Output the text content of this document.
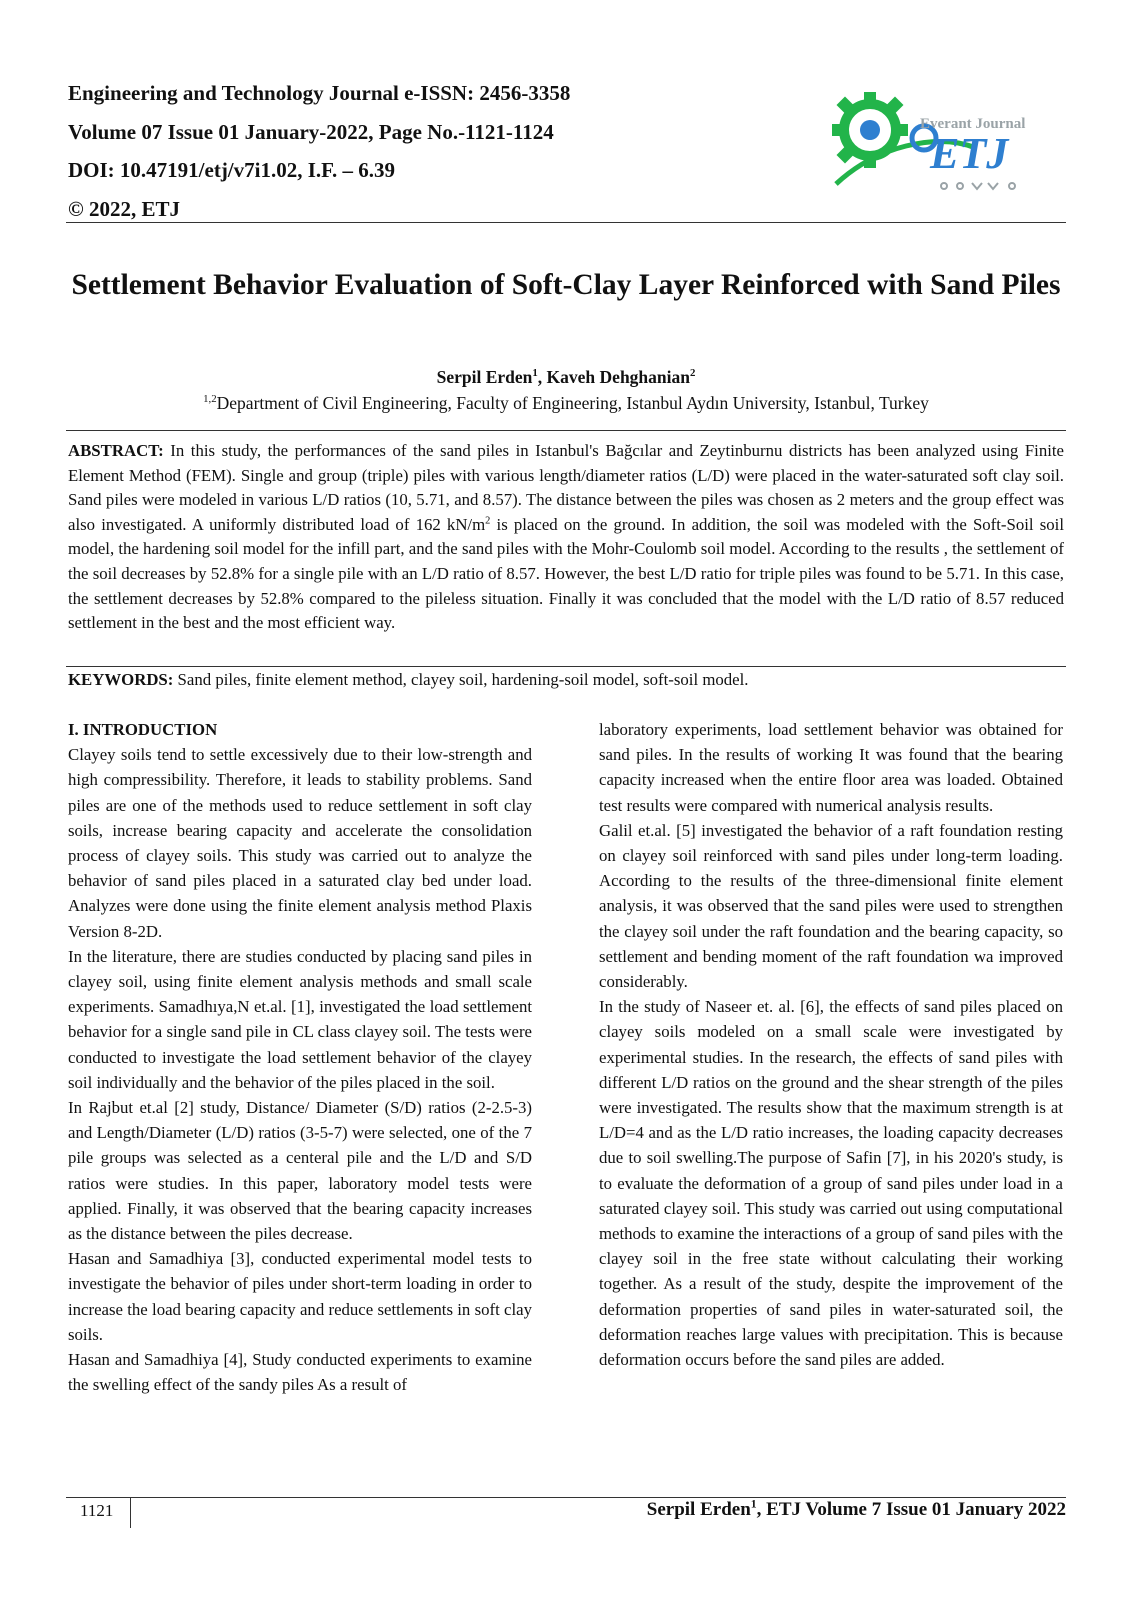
Engineering and Technology Journal e-ISSN: 2456-3358

Volume 07 Issue 01 January-2022, Page No.-1121-1124

DOI: 10.47191/etj/v7i1.02, I.F. – 6.39

© 2022, ETJ

Everant Journal
ETJ
Settlement Behavior Evaluation of Soft-Clay Layer Reinforced with Sand Piles

Serpil Erden$^1$, Kaveh Dehghanian$^2$

$^{1,2}$Department of Civil Engineering, Faculty of Engineering, Istanbul Aydın University, Istanbul, Turkey

ABSTRACT: In this study, the performances of the sand piles in Istanbul's Bağcılar and Zeytinburnu districts has been analyzed using Finite Element Method (FEM). Single and group (triple) piles with various length/diameter ratios (L/D) were placed in the water-saturated soft clay soil. Sand piles were modeled in various L/D ratios (10, 5.71, and 8.57). The distance between the piles was chosen as 2 meters and the group effect was also investigated. A uniformly distributed load of 162 $kN/m^2$ is placed on the ground. In addition, the soil was modeled with the Soft-Soil soil model, the hardening soil model for the infill part, and the sand piles with the Mohr-Coulomb soil model. According to the results , the settlement of the soil decreases by 52.8% for a single pile with an L/D ratio of 8.57. However, the best L/D ratio for triple piles was found to be 5.71. In this case, the settlement decreases by 52.8% compared to the pileless situation. Finally it was concluded that the model with the L/D ratio of 8.57 reduced settlement in the best and the most efficient way.

KEYWORDS: Sand piles, finite element method, clayey soil, hardening-soil model, soft-soil model.

I. INTRODUCTION

Clayey soils tend to settle excessively due to their low-strength and high compressibility. Therefore, it leads to stability problems. Sand piles are one of the methods used to reduce settlement in soft clay soils, increase bearing capacity and accelerate the consolidation process of clayey soils. This study was carried out to analyze the behavior of sand piles placed in a saturated clay bed under load. Analyzes were done using the finite element analysis method Plaxis Version 8-2D.

In the literature, there are studies conducted by placing sand piles in clayey soil, using finite element analysis methods and small scale experiments. Samadhıya,N et.al. [1], investigated the load settlement behavior for a single sand pile in CL class clayey soil. The tests were conducted to investigate the load settlement behavior of the clayey soil individually and the behavior of the piles placed in the soil.

In Rajbut et.al [2] study, Distance/ Diameter (S/D) ratios (2-2.5-3) and Length/Diameter (L/D) ratios (3-5-7) were selected, one of the 7 pile groups was selected as a centeral pile and the L/D and S/D ratios were studies. In this paper, laboratory model tests were applied. Finally, it was observed that the bearing capacity increases as the distance between the piles decrease.

Hasan and Samadhiya [3], conducted experimental model tests to investigate the behavior of piles under short-term loading in order to increase the load bearing capacity and reduce settlements in soft clay soils.

Hasan and Samadhiya [4], Study conducted experiments to examine the swelling effect of the sandy piles As a result of

laboratory experiments, load settlement behavior was obtained for sand piles. In the results of working It was found that the bearing capacity increased when the entire floor area was loaded. Obtained test results were compared with numerical analysis results.

Galil et.al. [5] investigated the behavior of a raft foundation resting on clayey soil reinforced with sand piles under long-term loading. According to the results of the three-dimensional finite element analysis, it was observed that the sand piles were used to strengthen the clayey soil under the raft foundation and the bearing capacity, so settlement and bending moment of the raft foundation wa improved considerably.

In the study of Naseer et. al. [6], the effects of sand piles placed on clayey soils modeled on a small scale were investigated by experimental studies. In the research, the effects of sand piles with different L/D ratios on the ground and the shear strength of the piles were investigated. The results show that the maximum strength is at L/D=4 and as the L/D ratio increases, the loading capacity decreases due to soil swelling.The purpose of Safin [7], in his 2020's study, is to evaluate the deformation of a group of sand piles under load in a saturated clayey soil. This study was carried out using computational methods to examine the interactions of a group of sand piles with the clayey soil in the free state without calculating their working together. As a result of the study, despite the improvement of the deformation properties of sand piles in water-saturated soil, the deformation reaches large values with precipitation. This is because deformation occurs before the sand piles are added.

1121	Serpil Erden$^1$, ETJ Volume 7 Issue 01 January 2022
